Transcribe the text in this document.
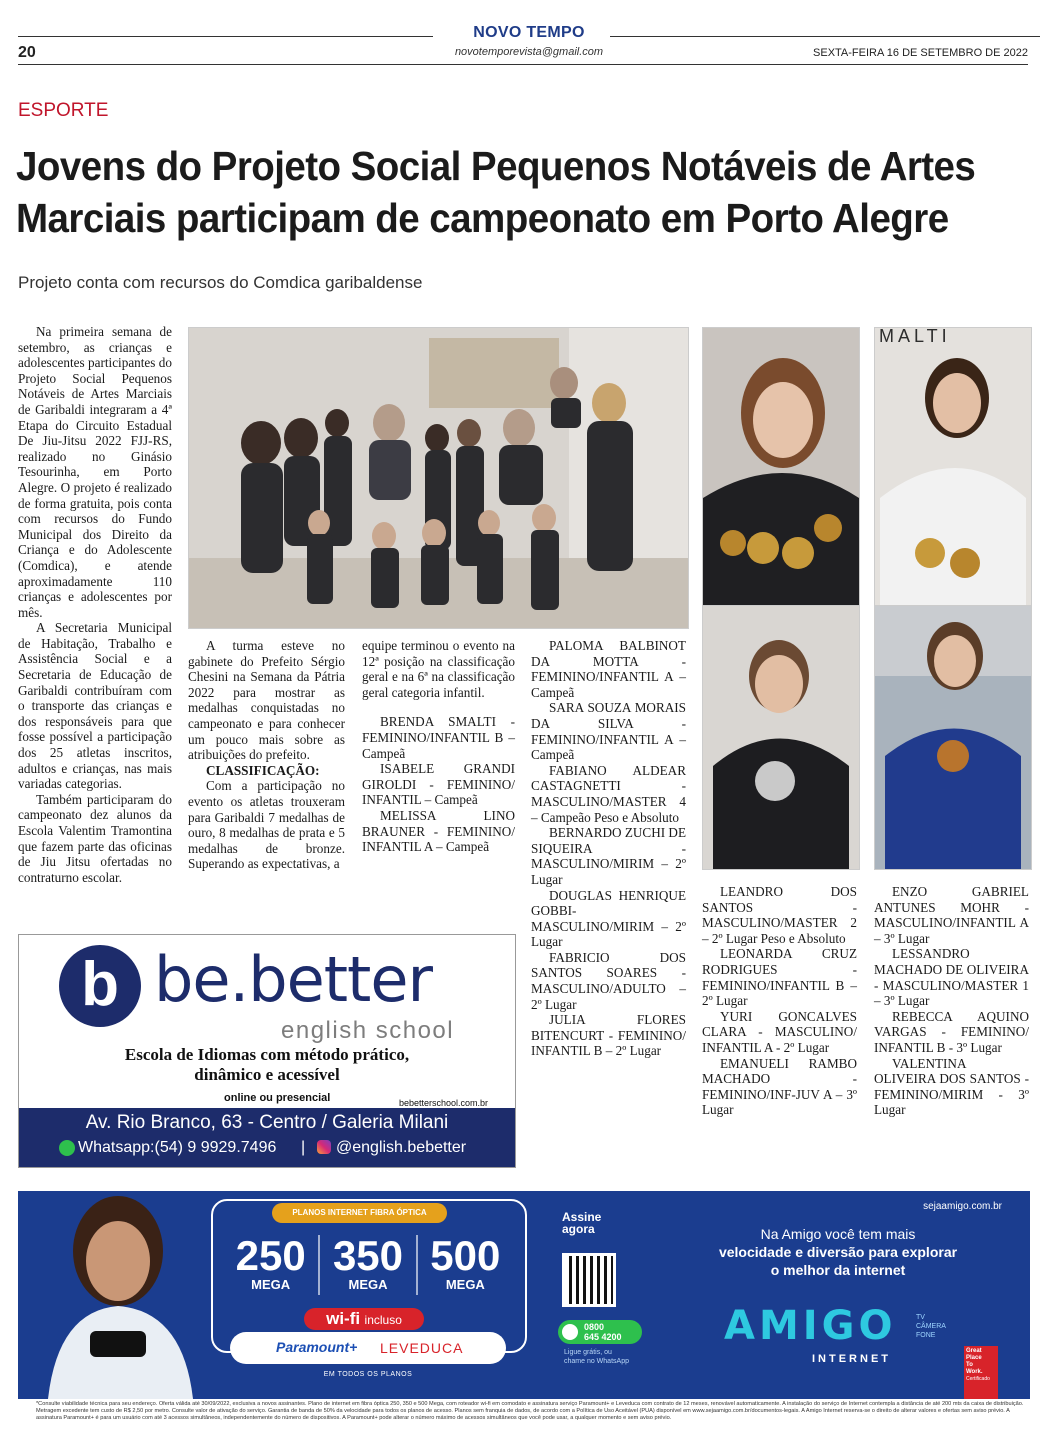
NOVO TEMPO
20	novotemporevista@gmail.com	SEXTA-FEIRA 16 DE SETEMBRO DE 2022
ESPORTE
Jovens do Projeto Social Pequenos Notáveis de Artes
Marciais participam de campeonato em Porto Alegre
Projeto conta com recursos do Comdica garibaldense

Na primeira semana de setembro, as crianças e adolescentes participantes do Projeto Social Pequenos Notáveis de Artes Marciais de Garibaldi integraram a 4ª Etapa do Circuito Estadual De Jiu-Jitsu 2022 FJJ-RS, realizado no Ginásio Tesourinha, em Porto Alegre. O projeto é realizado de forma gratuita, pois conta com recursos do Fundo Municipal dos Direito da Criança e do Adolescente (Comdica), e atende aproximadamente 110 crianças e adolescentes por mês.

A Secretaria Municipal de Habitação, Trabalho e Assistência Social e a Secretaria de Educação de Garibaldi contribuíram com o transporte das crianças e dos responsáveis para que fosse possível a participação dos 25 atletas inscritos, adultos e crianças, nas mais variadas categorias.

Também participaram do campeonato dez alunos da Escola Valentim Tramontina que fazem parte das oficinas de Jiu Jitsu ofertadas no contraturno escolar.

A turma esteve no gabinete do Prefeito Sérgio Chesini na Semana da Pátria 2022 para mostrar as medalhas conquistadas no campeonato e para conhecer um pouco mais sobre as atribuições do prefeito.

CLASSIFICAÇÃO:

Com a participação no evento os atletas trouxeram para Garibaldi 7 medalhas de ouro, 8 medalhas de prata e 5 medalhas de bronze. Superando as expectativas, a

equipe terminou o evento na 12ª posição na classificação geral e na 6ª na classificação geral categoria infantil.

BRENDA SMALTI - FEMININO/INFANTIL B – Campeã

ISABELE GRANDI GIROLDI - FEMININO/ INFANTIL – Campeã

MELISSA LINO BRAUNER - FEMININO/ INFANTIL A – Campeã

PALOMA BALBINOT DA MOTTA - FEMININO/INFANTIL A – Campeã

SARA SOUZA MORAIS DA SILVA - FEMININO/INFANTIL A – Campeã

FABIANO ALDEAR CASTAGNETTI - MASCULINO/MASTER 4 – Campeão Peso e Absoluto

BERNARDO ZUCHI DE SIQUEIRA - MASCULINO/MIRIM – 2º Lugar

DOUGLAS HENRIQUE GOBBI- MASCULINO/MIRIM – 2º Lugar

FABRICIO DOS SANTOS SOARES - MASCULINO/ADULTO – 2º Lugar

JULIA FLORES BITENCURT - FEMININO/ INFANTIL B – 2º Lugar

MALTI

LEANDRO DOS SANTOS - MASCULINO/MASTER 2 – 2º Lugar Peso e Absoluto

LEONARDA CRUZ RODRIGUES - FEMININO/INFANTIL B – 2º Lugar

YURI GONCALVES CLARA - MASCULINO/ INFANTIL A - 2º Lugar

EMANUELI RAMBO MACHADO - FEMININO/INF-JUV A – 3º Lugar

ENZO GABRIEL ANTUNES MOHR - MASCULINO/INFANTIL A – 3º Lugar

LESSANDRO MACHADO DE OLIVEIRA - MASCULINO/MASTER 1 – 3º Lugar

REBECCA AQUINO VARGAS - FEMININO/ INFANTIL B - 3º Lugar

VALENTINA OLIVEIRA DOS SANTOS - FEMININO/MIRIM - 3º Lugar

b be.better
english school
Escola de Idiomas com método prático,
dinâmico e acessível
online ou presencial	bebetterschool.com.br
Av. Rio Branco, 63 - Centro / Galeria Milani
Whatsapp:(54) 9 9929.7496 | @english.bebetter
PLANOS INTERNET FIBRA ÓPTICA
250
MEGA
350
MEGA
500
MEGA
wi-fi incluso
Paramount+ LEVEDUCA
EM TODOS OS PLANOS
Assine
agora
0800
645 4200
Ligue grátis, ou
chame no WhatsApp
sejaamigo.com.br
Na Amigo você tem mais
velocidade e diversão para explorar
o melhor da internet
AMIGO
INTERNET
TV
CÂMERA
FONE
Great
Place
To
Work.
Certificado
*Consulte viabilidade técnica para seu endereço. Oferta válida até 30/09/2022, exclusiva a novos assinantes. Plano de internet em fibra óptica 250, 350 e 500 Mega, com roteador wi-fi em comodato e assinatura serviço Paramount+ e Leveduca com contrato de 12 meses, renovável automaticamente. A instalação do serviço de Internet contempla a distância de até 200 mts da caixa de distribuição. Metragem excedente tem custo de R$ 2,50 por metro. Consulte valor de ativação do serviço. Garantia de banda de 50% da velocidade para todos os planos de acesso. Planos sem franquia de dados, de acordo com a Política de Uso Aceitável (PUA) disponível em www.sejaamigo.com.br/documentos-legais. A Amigo Internet reserva-se o direito de alterar valores e ofertas sem aviso prévio. A assinatura Paramount+ é para um usuário com até 3 acessos simultâneos, independentemente do número de dispositivos. A Paramount+ pode alterar o número máximo de acessos simultâneos que você pode usar, a qualquer momento e sem aviso prévio.
